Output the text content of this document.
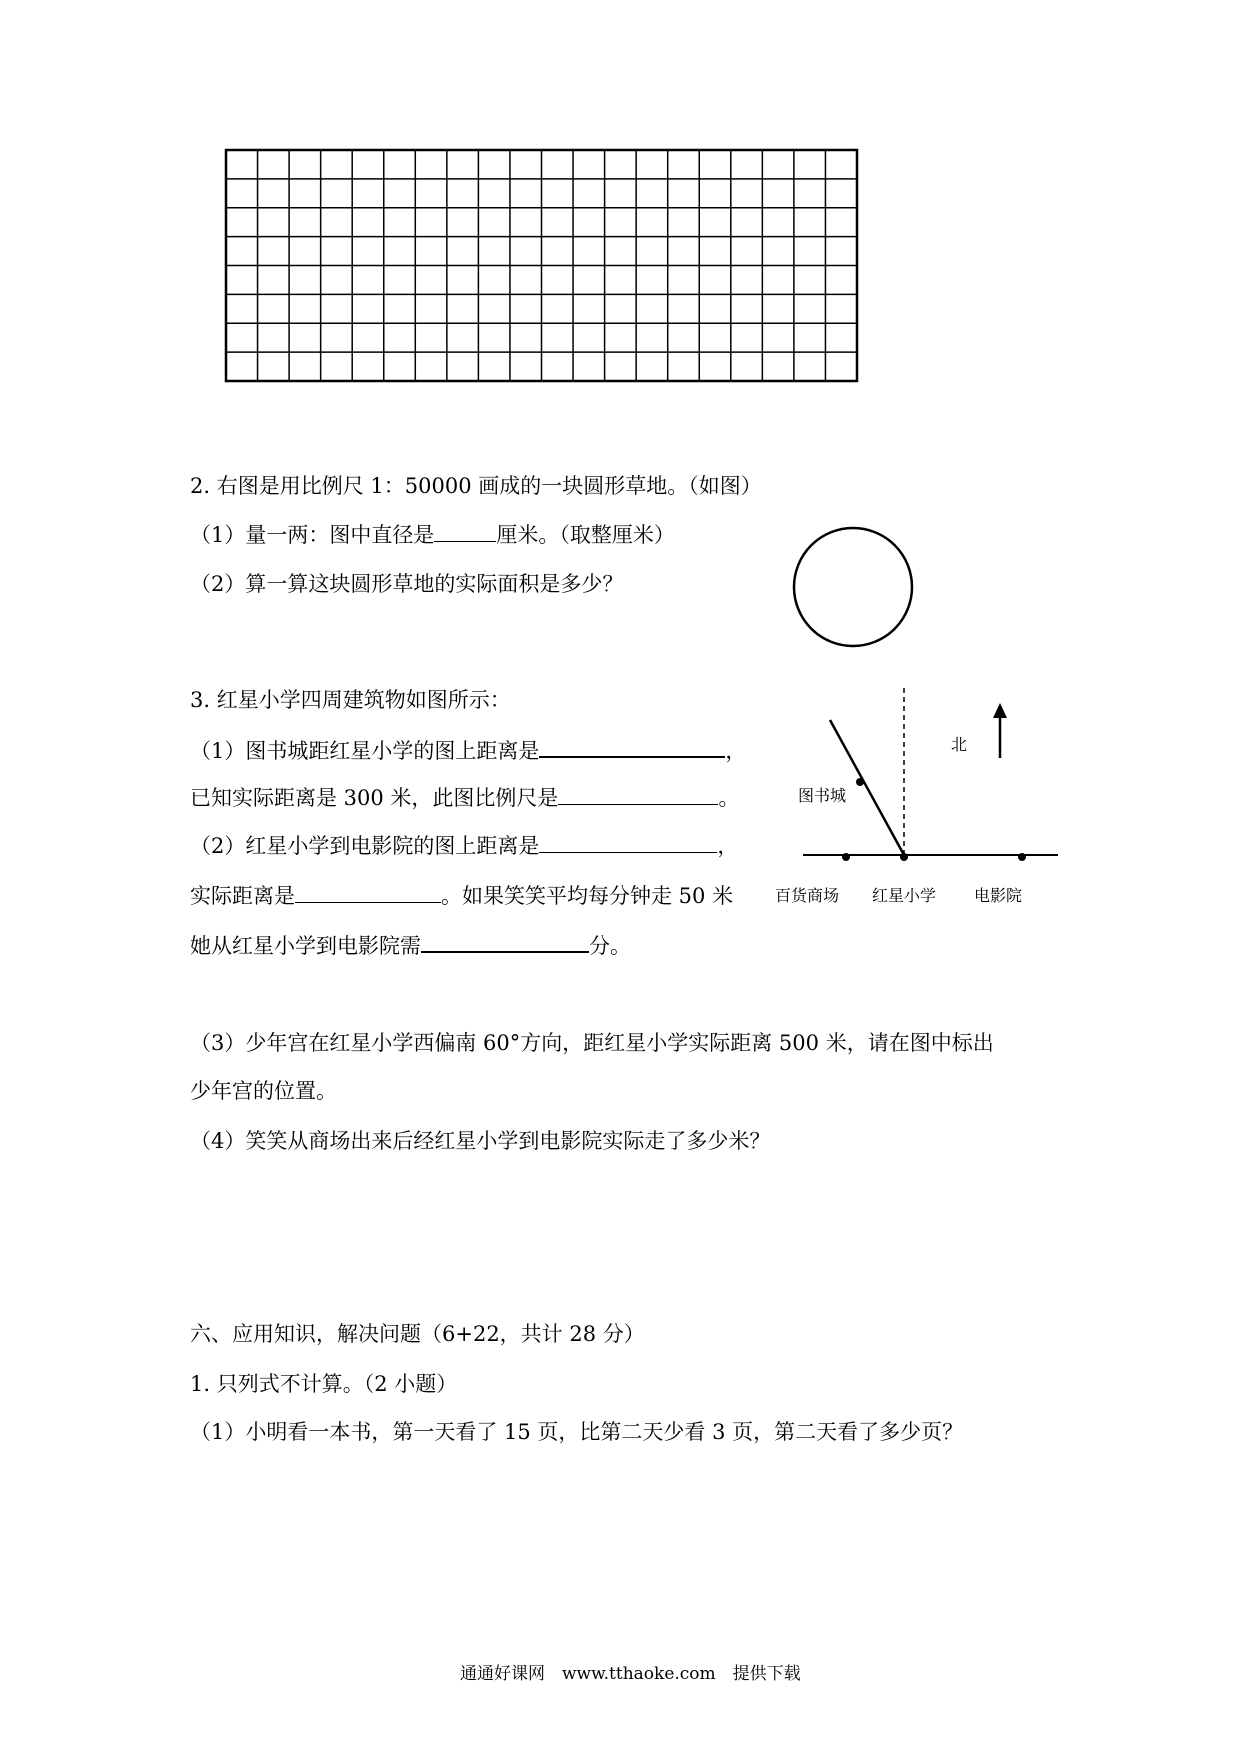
2. 右图是用比例尺 1：50000 画成的一块圆形草地。（如图）
（1）量一两：图中直径是	厘米。（取整厘米）
（2）算一算这块圆形草地的实际面积是多少？
3. 红星小学四周建筑物如图所示：
（1）图书城距红星小学的图上距离是	，
已知实际距离是 300 米，此图比例尺是	。
（2）红星小学到电影院的图上距离是	，
实际距离是	。如果笑笑平均每分钟走 50 米
她从红星小学到电影院需	分。
（3）少年宫在红星小学西偏南 60°方向，距红星小学实际距离 500 米，请在图中标出
少年宫的位置。
（4）笑笑从商场出来后经红星小学到电影院实际走了多少米？
北
图书城
百货商场 红星小学 电影院
六、应用知识，解决问题（6+22，共计 28 分）
1. 只列式不计算。（2 小题）
（1）小明看一本书，第一天看了 15 页，比第二天少看 3 页，第二天看了多少页？
通通好课网　www.tthaoke.com　提供下载
